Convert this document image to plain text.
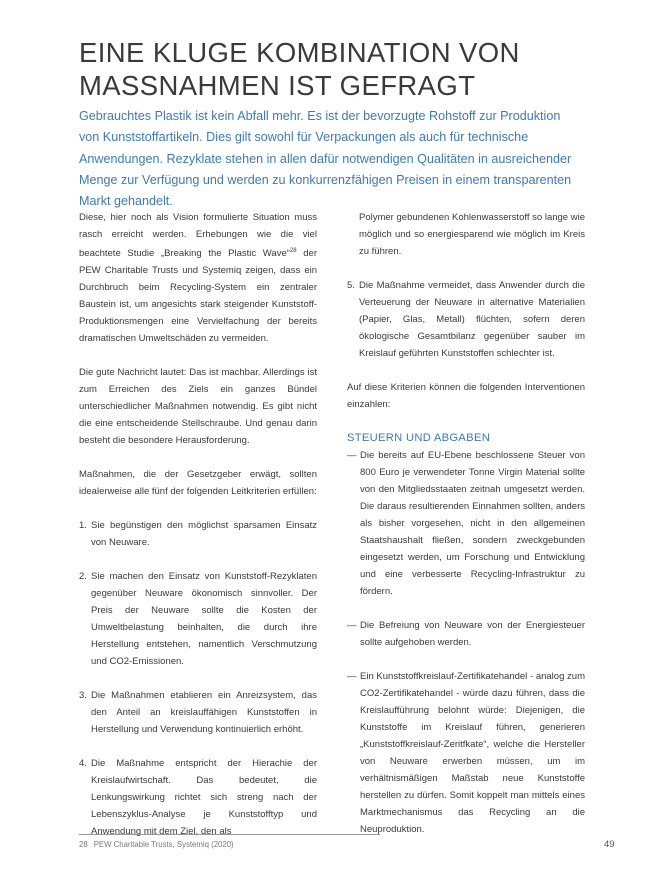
EINE KLUGE KOMBINATION VON
MASSNAHMEN IST GEFRAGT

Gebrauchtes Plastik ist kein Abfall mehr. Es ist der bevorzugte Rohstoff zur Produktion von Kunststoffartikeln. Dies gilt sowohl für Verpackungen als auch für technische Anwendungen. Rezyklate stehen in allen dafür notwendigen Qualitäten in ausreichender Menge zur Verfügung und werden zu konkurrenzfähigen Preisen in einem transparenten Markt gehandelt.

Diese, hier noch als Vision formulierte Situation muss rasch erreicht werden. Erhebungen wie die viel beachtete Studie „Breaking the Plastic Wave“$^{28}$ der PEW Charitable Trusts und Systemiq zeigen, dass ein Durchbruch beim Recycling-System ein zentraler Baustein ist, um angesichts stark steigender Kunststoff-Produktionsmengen eine Vervielfachung der bereits dramatischen Umweltschäden zu vermeiden.

Die gute Nachricht lautet: Das ist machbar. Allerdings ist zum Erreichen des Ziels ein ganzes Bündel unterschiedlicher Maßnahmen notwendig. Es gibt nicht die eine entscheidende Stellschraube. Und genau darin besteht die besondere Herausforderung.

Maßnahmen, die der Gesetzgeber erwägt, sollten idealerweise alle fünf der folgenden Leitkriterien erfüllen:

1. Sie begünstigen den möglichst sparsamen Einsatz von Neuware.
2. Sie machen den Einsatz von Kunststoff-Rezyklaten gegenüber Neuware ökonomisch sinnvoller. Der Preis der Neuware sollte die Kosten der Umweltbelastung beinhalten, die durch ihre Herstellung entstehen, namentlich Verschmutzung und CO2-Emissionen.
3. Die Maßnahmen etablieren ein Anreizsystem, das den Anteil an kreislauffähigen Kunststoffen in Herstellung und Verwendung kontinuierlich erhöht.
4. Die Maßnahme entspricht der Hierachie der Kreislaufwirtschaft. Das bedeutet, die Lenkungswirkung richtet sich streng nach der Lebenszyklus-Analyse je Kunststofftyp und Anwendung mit dem Ziel, den als

Polymer gebundenen Kohlenwasserstoff so lange wie möglich und so energiesparend wie möglich im Kreis zu führen.

5. Die Maßnahme vermeidet, dass Anwender durch die Verteuerung der Neuware in alternative Materialien (Papier, Glas, Metall) flüchten, sofern deren ökologische Gesamtbilanz gegenüber sauber im Kreislauf geführten Kunststoffen schlechter ist.

Auf diese Kriterien können die folgenden Interventionen einzahlen:

STEUERN UND ABGABEN

— Die bereits auf EU-Ebene beschlossene Steuer von 800 Euro je verwendeter Tonne Virgin Material sollte von den Mitgliedsstaaten zeitnah umgesetzt werden. Die daraus resultierenden Einnahmen sollten, anders als bisher vorgesehen, nicht in den allgemeinen Staatshaushalt fließen, sondern zweckgebunden eingesetzt werden, um Forschung und Entwicklung und eine verbesserte Recycling-Infrastruktur zu fördern.
— Die Befreiung von Neuware von der Energiesteuer sollte aufgehoben werden.
— Ein Kunststoffkreislauf-Zertifikatehandel - analog zum CO2-Zertifikatehandel - würde dazu führen, dass die Kreislaufführung belohnt würde: Diejenigen, die Kunststoffe im Kreislauf führen, generieren „Kunststoffkreislauf-Zeritfkate“, welche die Hersteller von Neuware erwerben müssen, um im verhältnismäßigen Maßstab neue Kunststoffe herstellen zu dürfen. Somit koppelt man mittels eines Marktmechanismus das Recycling an die Neuproduktion.
28 PEW Charitable Trusts, Systemiq (2020)	49
